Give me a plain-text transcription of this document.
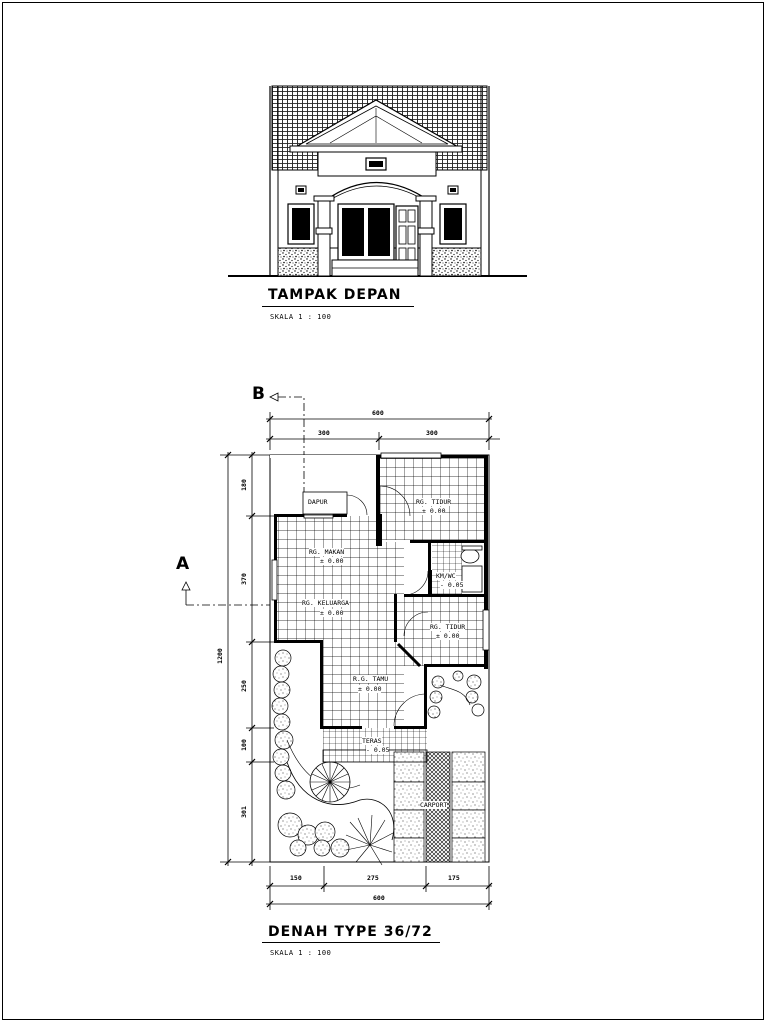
TAMPAK DEPAN
SKALA 1 : 100
B
A
600
300	300
150	275	175
600
1200
180
370
250
100
301
DAPUR	RG. TIDUR
± 0.00
RG. MAKAN
± 0.00
KM/WC
- 0.05
RG. KELUARGA
± 0.00
RG. TIDUR
± 0.00
R.G. TAMU
± 0.00
TERAS
- 0.05
CARPORT
DENAH TYPE 36/72
SKALA 1 : 100
